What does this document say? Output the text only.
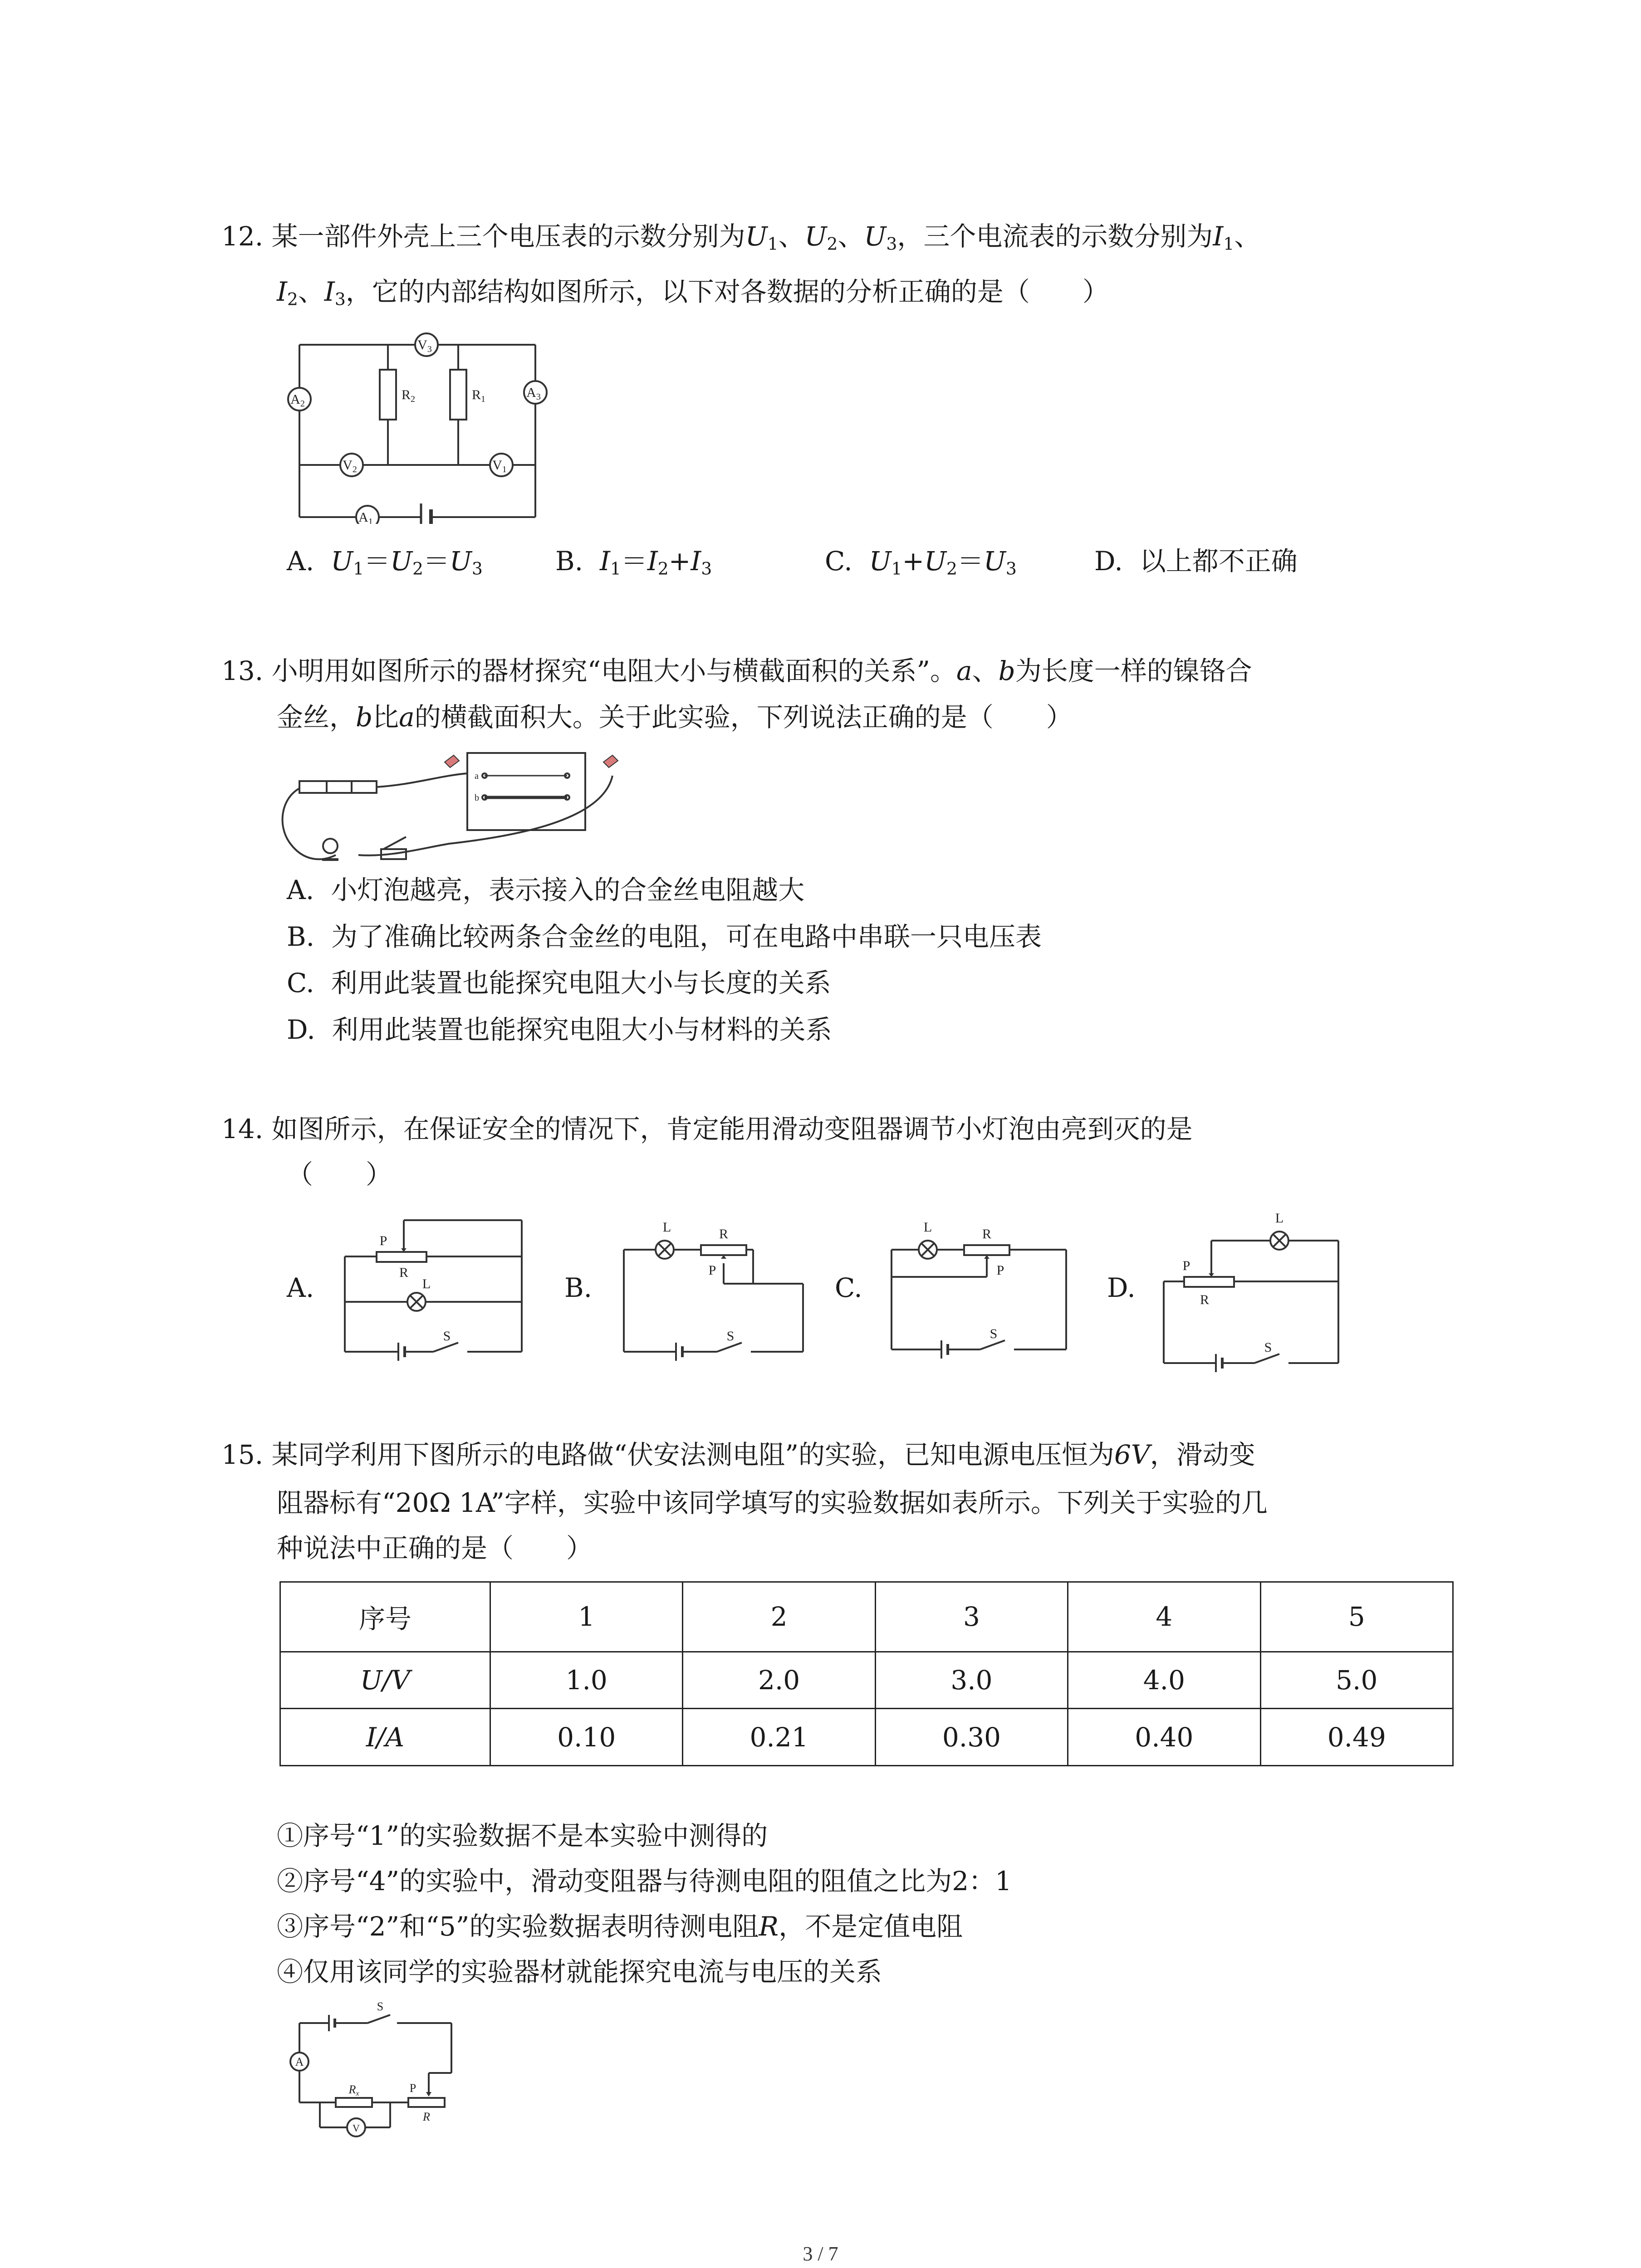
12. 某一部件外壳上三个电压表的示数分别为$U_1$、$U_2$、$U_3$，三个电流表的示数分别为$I_1$、
$I_2$、$I_3$，它的内部结构如图所示，以下对各数据的分析正确的是（　　）
$A_2$
$V_2$
$V_3$
$V_1$
$A_3$
$A_1$
$R_2$	$R_1$
A. $U_1=U_2=U_3$	B. $I_1=I_2+I_3$	C. $U_1+U_2=U_3$	D. 以上都不正确
13. 小明用如图所示的器材探究“电阻大小与横截面积的关系”。a、b为长度一样的镍铬合
金丝，b比a的横截面积大。关于此实验，下列说法正确的是（　　）
a
b
A. 小灯泡越亮，表示接入的合金丝电阻越大
B. 为了准确比较两条合金丝的电阻，可在电路中串联一只电压表
C. 利用此装置也能探究电阻大小与长度的关系
D. 利用此装置也能探究电阻大小与材料的关系
14. 如图所示，在保证安全的情况下，肯定能用滑动变阻器调节小灯泡由亮到灭的是
（　　）
A.
P
R
L
S
B.
L	R
P
S
C.
L	R
P
S
D.
L
P
R
S
15. 某同学利用下图所示的电路做“伏安法测电阻”的实验，已知电源电压恒为6V，滑动变
阻器标有“20Ω 1A”字样，实验中该同学填写的实验数据如表所示。下列关于实验的几
种说法中正确的是（　　）
序号	1	2	3	4	5
U/V	1.0	2.0	3.0	4.0	5.0
I/A	0.10	0.21	0.30	0.40	0.49
①序号“1”的实验数据不是本实验中测得的
②序号“4”的实验中，滑动变阻器与待测电阻的阻值之比为2：1
③序号“2”和“5”的实验数据表明待测电阻R，不是定值电阻
④仅用该同学的实验器材就能探究电流与电压的关系
S
A
Rx	P
R
V
3 / 7
